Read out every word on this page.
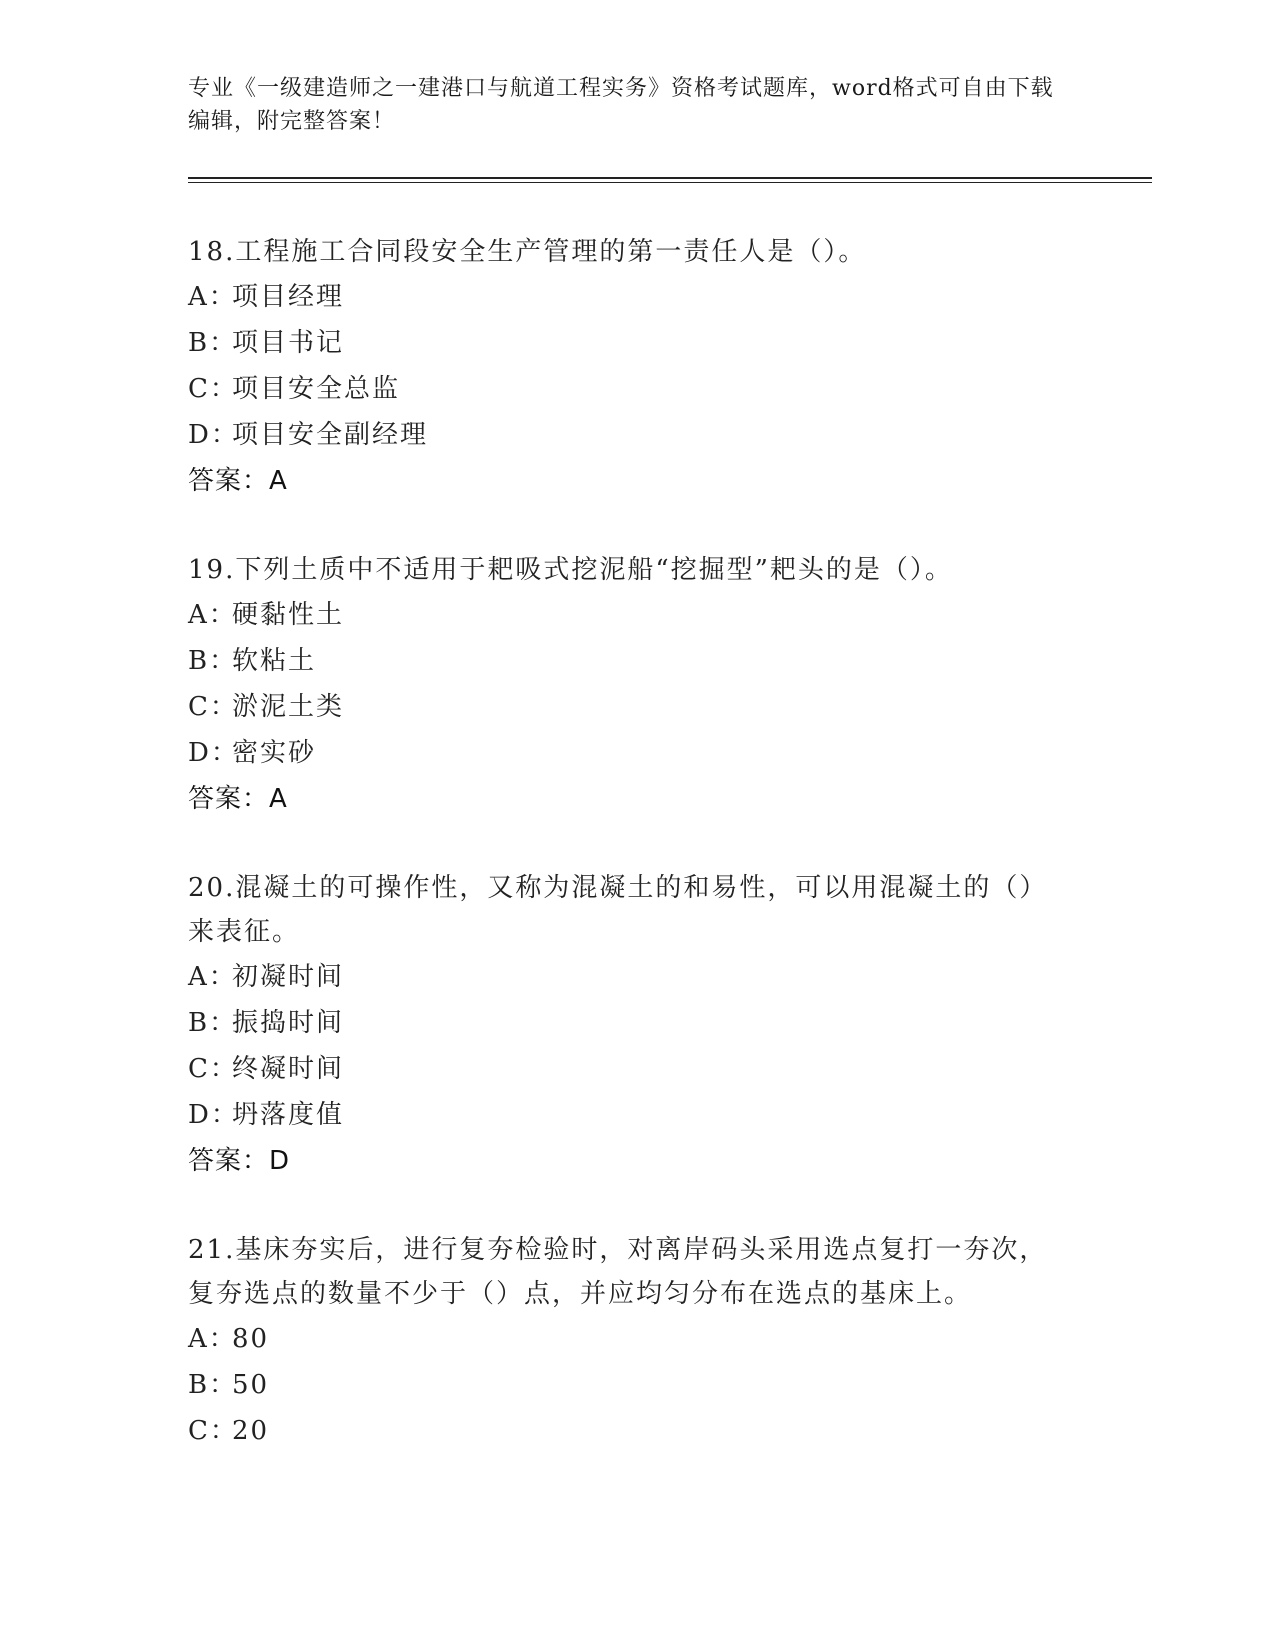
专业《一级建造师之一建港口与航道工程实务》资格考试题库，word格式可自由下载编辑，附完整答案！

18.工程施工合同段安全生产管理的第一责任人是（）。

A：项目经理

B：项目书记

C：项目安全总监

D：项目安全副经理

答案：A

19.下列土质中不适用于耙吸式挖泥船“挖掘型”耙头的是（）。

A：硬黏性土

B：软粘土

C：淤泥土类

D：密实砂

答案：A

20.混凝土的可操作性，又称为混凝土的和易性，可以用混凝土的（）来表征。

A：初凝时间

B：振捣时间

C：终凝时间

D：坍落度值

答案：D

21.基床夯实后，进行复夯检验时，对离岸码头采用选点复打一夯次，复夯选点的数量不少于（）点，并应均匀分布在选点的基床上。

A：80

B：50

C：20
